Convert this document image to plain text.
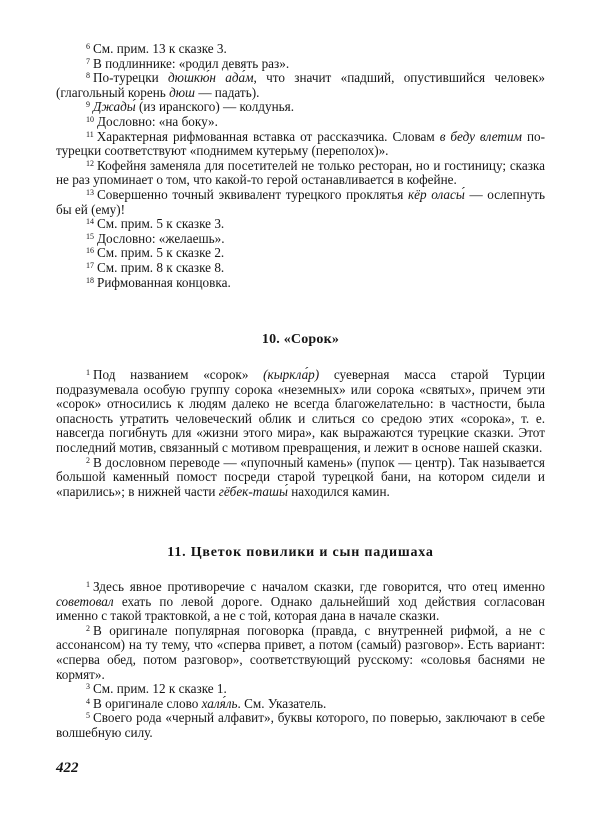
$^6$ См. прим. 13 к сказке 3.

$^7$ В подлиннике: «родил девять раз».

$^8$ По-турецки дюшкю́н ада́м, что значит «падший, опустившийся человек» (глагольный корень дюш — падать).

$^9$ Джады́ (из иранского) — колдунья.

$^{10}$ Дословно: «на боку».

$^{11}$ Характерная рифмованная вставка от рассказчика. Словам в беду влетим по-турецки соответствуют «поднимем кутерьму (переполох)».

$^{12}$ Кофейня заменяла для посетителей не только ресторан, но и гостиницу; сказка не раз упоминает о том, что какой-то герой останавливается в кофейне.

$^{13}$ Совершенно точный эквивалент турецкого проклятья кёр оласы́ — ослепнуть бы ей (ему)!

$^{14}$ См. прим. 5 к сказке 3.

$^{15}$ Дословно: «желаешь».

$^{16}$ См. прим. 5 к сказке 2.

$^{17}$ См. прим. 8 к сказке 8.

$^{18}$ Рифмованная концовка.

10. «Сорок»

$^1$ Под названием «сорок» (кыркла́р) суеверная масса старой Турции подразумевала особую группу сорока «неземных» или сорока «святых», причем эти «сорок» относились к людям далеко не всегда благожелательно: в частности, была опасность утратить человеческий облик и слиться со средою этих «сорока», т. е. навсегда погибнуть для «жизни этого мира», как выражаются турецкие сказки. Этот последний мотив, связанный с мотивом превращения, и лежит в основе нашей сказки.

$^2$ В дословном переводе — «пупочный камень» (пупок — центр). Так называется большой каменный помост посреди старой турецкой бани, на котором сидели и «парились»; в нижней части гёбек-ташы́ находился камин.

11. Цветок повилики и сын падишаха

$^1$ Здесь явное противоречие с началом сказки, где говорится, что отец именно советовал ехать по левой дороге. Однако дальнейший ход действия согласован именно с такой трактовкой, а не с той, которая дана в начале сказки.

$^2$ В оригинале популярная поговорка (правда, с внутренней рифмой, а не с ассонансом) на ту тему, что «сперва привет, а потом (самый) разговор». Есть вариант: «сперва обед, потом разговор», соответствующий русскому: «соловья баснями не кормят».

$^3$ См. прим. 12 к сказке 1.

$^4$ В оригинале слово халя́ль. См. Указатель.

$^5$ Своего рода «черный алфавит», буквы которого, по поверью, заключают в себе волшебную силу.

422
